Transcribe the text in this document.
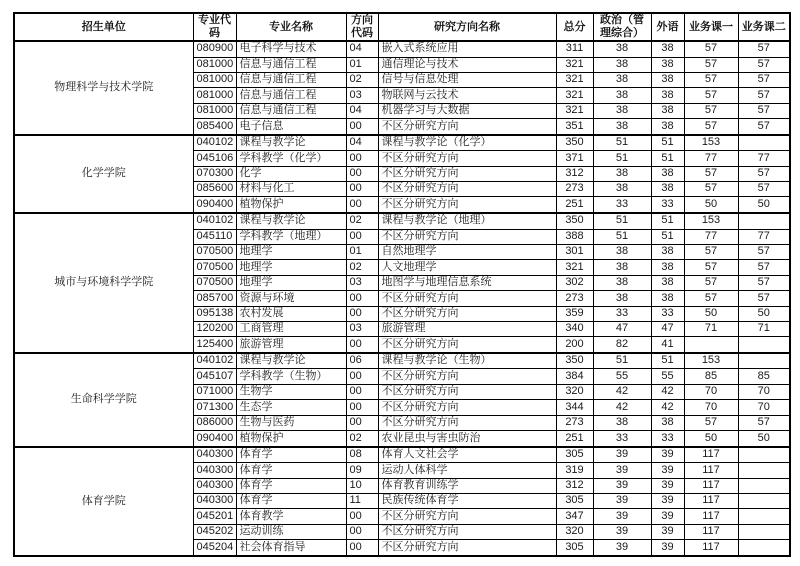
招生单位	专业代码	专业名称	方向代码	研究方向名称	总分	政治（管理综合）	外语	业务课一	业务课二
物理科学与技术学院	080900	电子科学与技术	04	嵌入式系统应用	311	38	38	57	57
	081000	信息与通信工程	01	通信理论与技术	321	38	38	57	57
	081000	信息与通信工程	02	信号与信息处理	321	38	38	57	57
	081000	信息与通信工程	03	物联网与云技术	321	38	38	57	57
	081000	信息与通信工程	04	机器学习与大数据	321	38	38	57	57
	085400	电子信息	00	不区分研究方向	351	38	38	57	57
化学学院	040102	课程与教学论	04	课程与教学论（化学）	350	51	51	153	
	045106	学科教学（化学）	00	不区分研究方向	371	51	51	77	77
	070300	化学	00	不区分研究方向	312	38	38	57	57
	085600	材料与化工	00	不区分研究方向	273	38	38	57	57
	090400	植物保护	00	不区分研究方向	251	33	33	50	50
城市与环境科学学院	040102	课程与教学论	02	课程与教学论（地理）	350	51	51	153	
	045110	学科教学（地理）	00	不区分研究方向	388	51	51	77	77
	070500	地理学	01	自然地理学	301	38	38	57	57
	070500	地理学	02	人文地理学	321	38	38	57	57
	070500	地理学	03	地图学与地理信息系统	302	38	38	57	57
	085700	资源与环境	00	不区分研究方向	273	38	38	57	57
	095138	农村发展	00	不区分研究方向	359	33	33	50	50
	120200	工商管理	03	旅游管理	340	47	47	71	71
	125400	旅游管理	00	不区分研究方向	200	82	41		
生命科学学院	040102	课程与教学论	06	课程与教学论（生物）	350	51	51	153	
	045107	学科教学（生物）	00	不区分研究方向	384	55	55	85	85
	071000	生物学	00	不区分研究方向	320	42	42	70	70
	071300	生态学	00	不区分研究方向	344	42	42	70	70
	086000	生物与医药	00	不区分研究方向	273	38	38	57	57
	090400	植物保护	02	农业昆虫与害虫防治	251	33	33	50	50
体育学院	040300	体育学	08	体育人文社会学	305	39	39	117	
	040300	体育学	09	运动人体科学	319	39	39	117	
	040300	体育学	10	体育教育训练学	312	39	39	117	
	040300	体育学	11	民族传统体育学	305	39	39	117	
	045201	体育教学	00	不区分研究方向	347	39	39	117	
	045202	运动训练	00	不区分研究方向	320	39	39	117	
	045204	社会体育指导	00	不区分研究方向	305	39	39	117	
